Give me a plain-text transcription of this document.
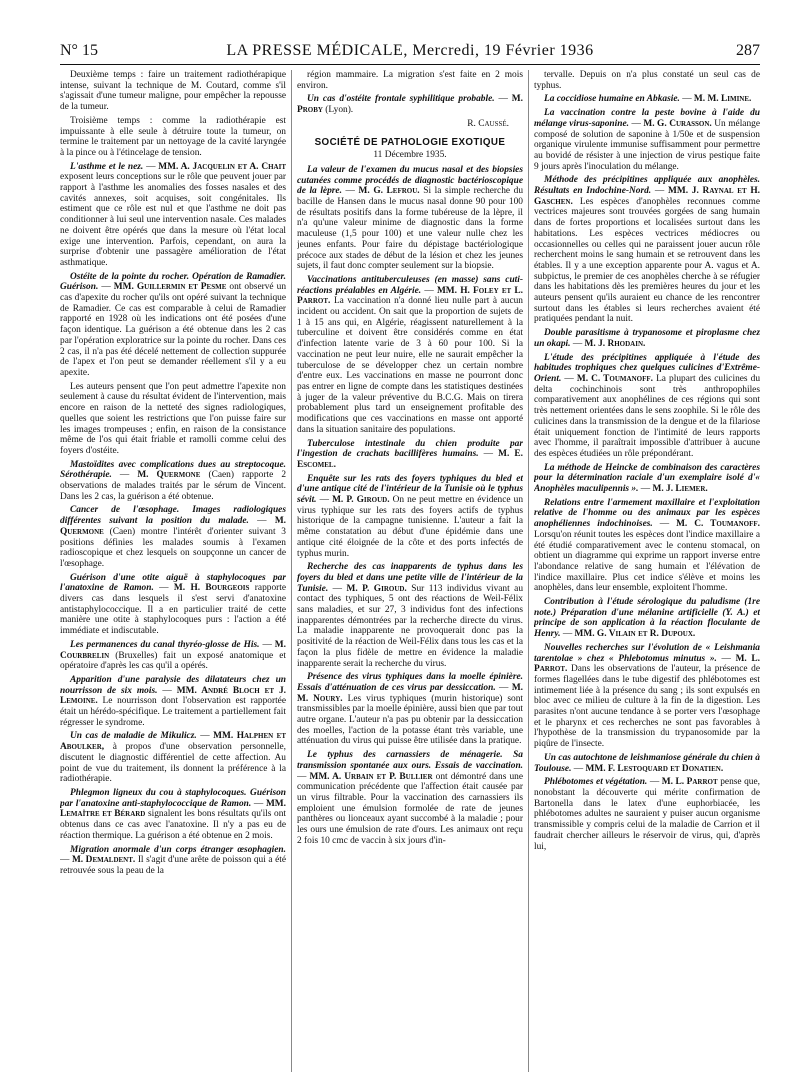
N° 15	LA PRESSE MÉDICALE, Mercredi, 19 Février 1936	287

Deuxième temps : faire un traitement radiothérapique intense, suivant la technique de M. Coutard, comme s'il s'agissait d'une tumeur maligne, pour empêcher la repousse de la tumeur.

Troisième temps : comme la radiothérapie est impuissante à elle seule à détruire toute la tumeur, on termine le traitement par un nettoyage de la cavité laryngée à la pince ou à l'étincelage de tension.

L'asthme et le nez. — MM. A. Jacquelin et A. Chait exposent leurs conceptions sur le rôle que peuvent jouer par rapport à l'asthme les anomalies des fosses nasales et des cavités annexes, soit acquises, soit congénitales. Ils estiment que ce rôle est nul et que l'asthme ne doit pas conditionner à lui seul une intervention nasale. Ces malades ne doivent être opérés que dans la mesure où l'état local exige une intervention. Parfois, cependant, on aura la surprise d'obtenir une passagère amélioration de l'état asthmatique.

Ostéite de la pointe du rocher. Opération de Ramadier. Guérison. — MM. Guillermin et Pesme ont observé un cas d'apexite du rocher qu'ils ont opéré suivant la technique de Ramadier. Ce cas est comparable à celui de Ramadier rapporté en 1928 où les indications ont été posées d'une façon identique. La guérison a été obtenue dans les 2 cas par l'opération exploratrice sur la pointe du rocher. Dans ces 2 cas, il n'a pas été décelé nettement de collection suppurée de l'apex et l'on peut se demander réellement s'il y a eu apexite.

Les auteurs pensent que l'on peut admettre l'apexite non seulement à cause du résultat évident de l'intervention, mais encore en raison de la netteté des signes radiologiques, quelles que soient les restrictions que l'on puisse faire sur les images trompeuses ; enfin, en raison de la consistance même de l'os qui était friable et ramolli comme celui des foyers d'ostéite.

Mastoïdites avec complications dues au streptocoque. Sérothérapie. — M. Quermone (Caen) rapporte 2 observations de malades traités par le sérum de Vincent. Dans les 2 cas, la guérison a été obtenue.

Cancer de l'œsophage. Images radiologiques différentes suivant la position du malade. — M. Quermone (Caen) montre l'intérêt d'orienter suivant 3 positions définies les malades soumis à l'examen radioscopique et chez lesquels on soupçonne un cancer de l'œsophage.

Guérison d'une otite aiguë à staphylocoques par l'anatoxine de Ramon. — M. H. Bourgeois rapporte divers cas dans lesquels il s'est servi d'anatoxine antistaphylococcique. Il a en particulier traité de cette manière une otite à staphylocoques purs : l'action a été immédiate et indiscutable.

Les permanences du canal thyréo-glosse de His. — M. Courbrelin (Bruxelles) fait un exposé anatomique et opératoire d'après les cas qu'il a opérés.

Apparition d'une paralysie des dilatateurs chez un nourrisson de six mois. — MM. André Bloch et J. Lemoine. Le nourrisson dont l'observation est rapportée était un hérédo-spécifique. Le traitement a partiellement fait régresser le syndrome.

Un cas de maladie de Mikulicz. — MM. Halphen et Aboulker, à propos d'une observation personnelle, discutent le diagnostic différentiel de cette affection. Au point de vue du traitement, ils donnent la préférence à la radiothérapie.

Phlegmon ligneux du cou à staphylocoques. Guérison par l'anatoxine anti-staphylococcique de Ramon. — MM. Lemaître et Bérard signalent les bons résultats qu'ils ont obtenus dans ce cas avec l'anatoxine. Il n'y a pas eu de réaction thermique. La guérison a été obtenue en 2 mois.

Migration anormale d'un corps étranger œsophagien. — M. Demaldent. Il s'agit d'une arête de poisson qui a été retrouvée sous la peau de la

région mammaire. La migration s'est faite en 2 mois environ.

Un cas d'ostéite frontale syphilitique probable. — M. Proby (Lyon).

R. Caussé.

SOCIÉTÉ DE PATHOLOGIE EXOTIQUE

11 Décembre 1935.

La valeur de l'examen du mucus nasal et des biopsies cutanées comme procédés de diagnostic bactérioscopique de la lèpre. — M. G. Lefrou. Si la simple recherche du bacille de Hansen dans le mucus nasal donne 90 pour 100 de résultats positifs dans la forme tubéreuse de la lèpre, il n'a qu'une valeur minime de diagnostic dans la forme maculeuse (1,5 pour 100) et une valeur nulle chez les jeunes enfants. Pour faire du dépistage bactériologique précoce aux stades de début de la lésion et chez les jeunes sujets, il faut donc compter seulement sur la biopsie.

Vaccinations antituberculeuses (en masse) sans cuti-réactions préalables en Algérie. — MM. H. Foley et L. Parrot. La vaccination n'a donné lieu nulle part à aucun incident ou accident. On sait que la proportion de sujets de 1 à 15 ans qui, en Algérie, réagissent naturellement à la tuberculine et doivent être considérés comme en état d'infection latente varie de 3 à 60 pour 100. Si la vaccination ne peut leur nuire, elle ne saurait empêcher la tuberculose de se développer chez un certain nombre d'entre eux. Les vaccinations en masse ne pourront donc pas entrer en ligne de compte dans les statistiques destinées à juger de la valeur préventive du B.C.G. Mais on tirera probablement plus tard un enseignement profitable des modifications que ces vaccinations en masse ont apporté dans la situation sanitaire des populations.

Tuberculose intestinale du chien produite par l'ingestion de crachats bacillifères humains. — M. E. Escomel.

Enquête sur les rats des foyers typhiques du bled et d'une antique cité de l'intérieur de la Tunisie où le typhus sévit. — M. P. Giroud. On ne peut mettre en évidence un virus typhique sur les rats des foyers actifs de typhus historique de la campagne tunisienne. L'auteur a fait la même constatation au début d'une épidémie dans une antique cité éloignée de la côte et des ports infectés de typhus murin.

Recherche des cas inapparents de typhus dans les foyers du bled et dans une petite ville de l'intérieur de la Tunisie. — M. P. Giroud. Sur 113 individus vivant au contact des typhiques, 5 ont des réactions de Weil-Félix sans maladies, et sur 27, 3 individus font des infections inapparentes démontrées par la recherche directe du virus. La maladie inapparente ne provoquerait donc pas la positivité de la réaction de Weil-Félix dans tous les cas et la façon la plus fidèle de mettre en évidence la maladie inapparente serait la recherche du virus.

Présence des virus typhiques dans la moelle épinière. Essais d'atténuation de ces virus par dessiccation. — M. M. Noury. Les virus typhiques (murin historique) sont transmissibles par la moelle épinière, aussi bien que par tout autre organe. L'auteur n'a pas pu obtenir par la dessiccation des moelles, l'action de la potasse étant très variable, une atténuation du virus qui puisse être utilisée dans la pratique.

Le typhus des carnassiers de ménagerie. Sa transmission spontanée aux ours. Essais de vaccination. — MM. A. Urbain et P. Bullier ont démontré dans une communication précédente que l'affection était causée par un virus filtrable. Pour la vaccination des carnassiers ils emploient une émulsion formolée de rate de jeunes panthères ou lionceaux ayant succombé à la maladie ; pour les ours une émulsion de rate d'ours. Les animaux ont reçu 2 fois 10 cmc de vaccin à six jours d'in-

tervalle. Depuis on n'a plus constaté un seul cas de typhus.

La coccidiose humaine en Abkasie. — M. M. Limine.

La vaccination contre la peste bovine à l'aide du mélange virus-saponine. — M. G. Curasson. Un mélange composé de solution de saponine à 1/50e et de suspension organique virulente immunise suffisamment pour permettre au bovidé de résister à une injection de virus pestique faite 9 jours après l'inoculation du mélange.

Méthode des précipitines appliquée aux anophèles. Résultats en Indochine-Nord. — MM. J. Raynal et H. Gaschen. Les espèces d'anophèles reconnues comme vectrices majeures sont trouvées gorgées de sang humain dans de fortes proportions et localisées surtout dans les habitations. Les espèces vectrices médiocres ou occasionnelles ou celles qui ne paraissent jouer aucun rôle recherchent moins le sang humain et se retrouvent dans les étables. Il y a une exception apparente pour A. vagus et A. subpictus, le premier de ces anophèles cherche à se réfugier dans les habitations dès les premières heures du jour et les auteurs pensent qu'ils auraient eu chance de les rencontrer surtout dans les étables si leurs recherches avaient été pratiquées pendant la nuit.

Double parasitisme à trypanosome et piroplasme chez un okapi. — M. J. Rhodain.

L'étude des précipitines appliquée à l'étude des habitudes trophiques chez quelques culicines d'Extrême-Orient. — M. C. Toumanoff. La plupart des culicines du delta cochinchinois sont très anthropophiles comparativement aux anophélines de ces régions qui sont très nettement orientées dans le sens zoophile. Si le rôle des culicines dans la transmission de la dengue et de la filariose était uniquement fonction de l'intimité de leurs rapports avec l'homme, il paraîtrait impossible d'attribuer à aucune des espèces étudiées un rôle prépondérant.

La méthode de Heincke de combinaison des caractères pour la détermination raciale d'un exemplaire isolé d'« Anophèles maculipennis ». — M. J. Liemer.

Relations entre l'armement maxillaire et l'exploitation relative de l'homme ou des animaux par les espèces anophéliennes indochinoises. — M. C. Toumanoff. Lorsqu'on réunit toutes les espèces dont l'indice maxillaire a été étudié comparativement avec le contenu stomacal, on obtient un diagramme qui exprime un rapport inverse entre l'abondance relative de sang humain et l'élévation de l'indice maxillaire. Plus cet indice s'élève et moins les anophèles, dans leur ensemble, exploitent l'homme.

Contribution à l'étude sérologique du paludisme (1re note.) Préparation d'une mélanine artificielle (Y. A.) et principe de son application à la réaction floculante de Henry. — MM. G. Vilain et R. Dupoux.

Nouvelles recherches sur l'évolution de « Leishmania tarentolae » chez « Phlebotomus minutus ». — M. L. Parrot. Dans les observations de l'auteur, la présence de formes flagellées dans le tube digestif des phlébotomes est intimement liée à la présence du sang ; ils sont expulsés en bloc avec ce milieu de culture à la fin de la digestion. Les parasites n'ont aucune tendance à se porter vers l'œsophage et le pharynx et ces recherches ne sont pas favorables à l'hypothèse de la transmission du trypanosomide par la piqûre de l'insecte.

Un cas autochtone de leishmaniose générale du chien à Toulouse. — MM. F. Lestoquard et Donatien.

Phlébotomes et végétation. — M. L. Parrot pense que, nonobstant la découverte qui mérite confirmation de Bartonella dans le latex d'une euphorbiacée, les phlébotomes adultes ne sauraient y puiser aucun organisme transmissible y compris celui de la maladie de Carrion et il faudrait chercher ailleurs le réservoir de virus, qui, d'après lui,
